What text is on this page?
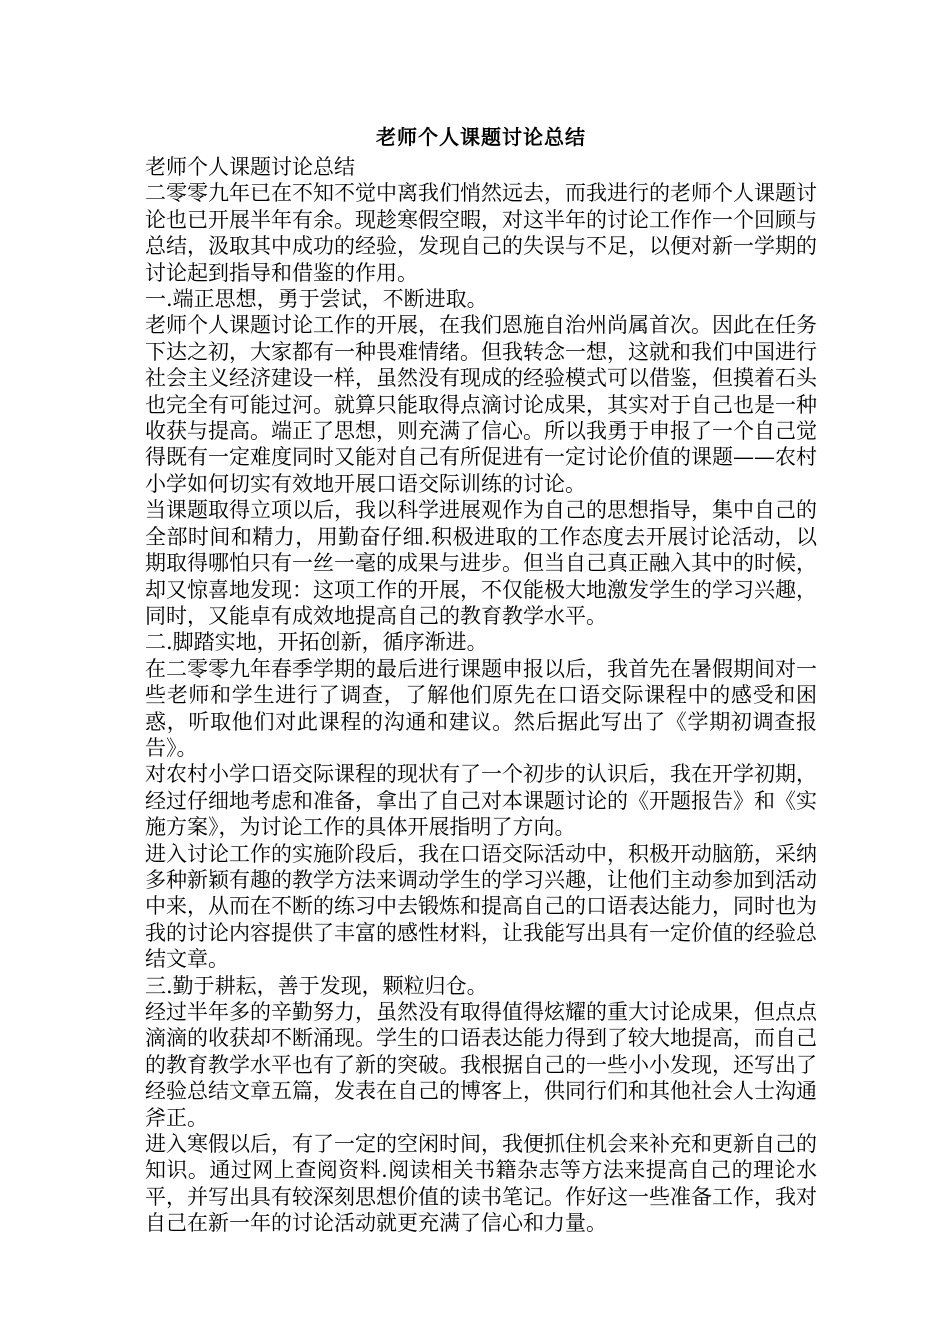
老师个人课题讨论总结

老师个人课题讨论总结

二零零九年已在不知不觉中离我们悄然远去，而我进行的老师个人课题讨论也已开展半年有余。现趁寒假空暇，对这半年的讨论工作作一个回顾与总结，汲取其中成功的经验，发现自己的失误与不足，以便对新一学期的讨论起到指导和借鉴的作用。

一.端正思想，勇于尝试，不断进取。

老师个人课题讨论工作的开展，在我们恩施自治州尚属首次。因此在任务下达之初，大家都有一种畏难情绪。但我转念一想，这就和我们中国进行社会主义经济建设一样，虽然没有现成的经验模式可以借鉴，但摸着石头也完全有可能过河。就算只能取得点滴讨论成果，其实对于自己也是一种收获与提高。端正了思想，则充满了信心。所以我勇于申报了一个自己觉得既有一定难度同时又能对自己有所促进有一定讨论价值的课题——农村小学如何切实有效地开展口语交际训练的讨论。

当课题取得立项以后，我以科学进展观作为自己的思想指导，集中自己的全部时间和精力，用勤奋仔细.积极进取的工作态度去开展讨论活动，以期取得哪怕只有一丝一毫的成果与进步。但当自己真正融入其中的时候，却又惊喜地发现：这项工作的开展，不仅能极大地激发学生的学习兴趣，同时，又能卓有成效地提高自己的教育教学水平。

二.脚踏实地，开拓创新，循序渐进。

在二零零九年春季学期的最后进行课题申报以后，我首先在暑假期间对一些老师和学生进行了调查，了解他们原先在口语交际课程中的感受和困惑，听取他们对此课程的沟通和建议。然后据此写出了《学期初调查报告》。

对农村小学口语交际课程的现状有了一个初步的认识后，我在开学初期，经过仔细地考虑和准备，拿出了自己对本课题讨论的《开题报告》和《实施方案》，为讨论工作的具体开展指明了方向。

进入讨论工作的实施阶段后，我在口语交际活动中，积极开动脑筋，采纳多种新颖有趣的教学方法来调动学生的学习兴趣，让他们主动参加到活动中来，从而在不断的练习中去锻炼和提高自己的口语表达能力，同时也为我的讨论内容提供了丰富的感性材料，让我能写出具有一定价值的经验总结文章。

三.勤于耕耘，善于发现，颗粒归仓。

经过半年多的辛勤努力，虽然没有取得值得炫耀的重大讨论成果，但点点滴滴的收获却不断涌现。学生的口语表达能力得到了较大地提高，而自己的教育教学水平也有了新的突破。我根据自己的一些小小发现，还写出了经验总结文章五篇，发表在自己的博客上，供同行们和其他社会人士沟通斧正。

进入寒假以后，有了一定的空闲时间，我便抓住机会来补充和更新自己的知识。通过网上查阅资料.阅读相关书籍杂志等方法来提高自己的理论水平，并写出具有较深刻思想价值的读书笔记。作好这一些准备工作，我对自己在新一年的讨论活动就更充满了信心和力量。
